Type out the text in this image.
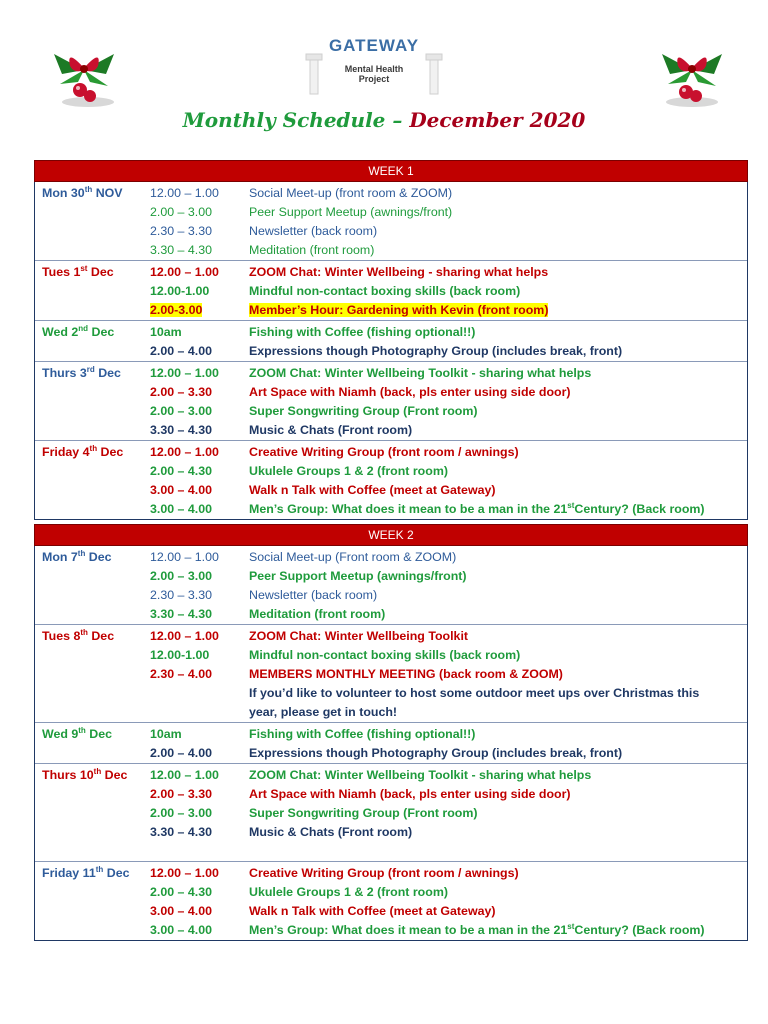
GATEWAY
Mental Health
Project
Monthly Schedule – December 2020
WEEK 1
Mon 30th NOV	12.00 – 1.00	Social Meet-up (front room & ZOOM)
2.00 – 3.00	Peer Support Meetup (awnings/front)
2.30 – 3.30	Newsletter (back room)
3.30 – 4.30	Meditation (front room)
Tues 1st Dec	12.00 – 1.00	ZOOM Chat: Winter Wellbeing - sharing what helps
12.00-1.00	Mindful non-contact boxing skills (back room)
2.00-3.00	Member’s Hour: Gardening with Kevin (front room)
Wed 2nd Dec	10am	Fishing with Coffee (fishing optional!!)
2.00 – 4.00	Expressions though Photography Group (includes break, front)
Thurs 3rd Dec	12.00 – 1.00	ZOOM Chat: Winter Wellbeing Toolkit - sharing what helps
2.00 – 3.30	Art Space with Niamh (back, pls enter using side door)
2.00 – 3.00	Super Songwriting Group (Front room)
3.30 – 4.30	Music & Chats (Front room)
Friday 4th Dec	12.00 – 1.00	Creative Writing Group (front room / awnings)
2.00 – 4.30	Ukulele Groups 1 & 2 (front room)
3.00 – 4.00	Walk n Talk with Coffee (meet at Gateway)
3.00 – 4.00	Men’s Group: What does it mean to be a man in the 21stCentury? (Back room)
WEEK 2
Mon 7th Dec	12.00 – 1.00	Social Meet-up (Front room & ZOOM)
2.00 – 3.00	Peer Support Meetup (awnings/front)
2.30 – 3.30	Newsletter (back room)
3.30 – 4.30	Meditation (front room)
Tues 8th Dec	12.00 – 1.00	ZOOM Chat: Winter Wellbeing Toolkit
12.00-1.00	Mindful non-contact boxing skills (back room)
2.30 – 4.00	MEMBERS MONTHLY MEETING (back room & ZOOM)
If you’d like to volunteer to host some outdoor meet ups over Christmas this
year, please get in touch!
Wed 9th Dec	10am	Fishing with Coffee (fishing optional!!)
2.00 – 4.00	Expressions though Photography Group (includes break, front)
Thurs 10th Dec	12.00 – 1.00	ZOOM Chat: Winter Wellbeing Toolkit - sharing what helps
2.00 – 3.30	Art Space with Niamh (back, pls enter using side door)
2.00 – 3.00	Super Songwriting Group (Front room)
3.30 – 4.30	Music & Chats (Front room)
Friday 11th Dec	12.00 – 1.00	Creative Writing Group (front room / awnings)
2.00 – 4.30	Ukulele Groups 1 & 2 (front room)
3.00 – 4.00	Walk n Talk with Coffee (meet at Gateway)
3.00 – 4.00	Men’s Group: What does it mean to be a man in the 21stCentury? (Back room)
